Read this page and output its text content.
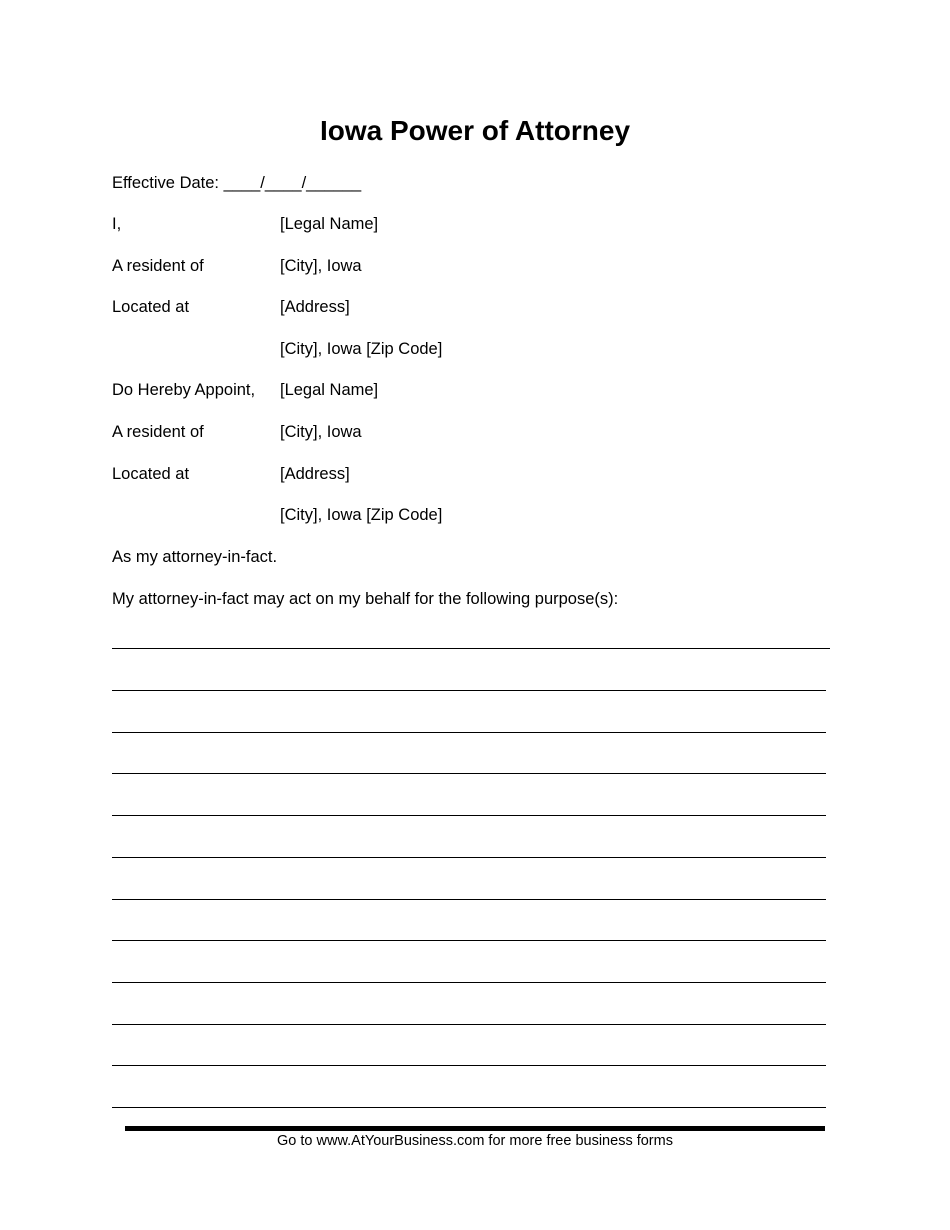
Iowa Power of Attorney
Effective Date: ____/____/______
I,	[Legal Name]
A resident of	[City], Iowa
Located at	[Address]
[City], Iowa [Zip Code]
Do Hereby Appoint, [Legal Name]
A resident of	[City], Iowa
Located at	[Address]
[City], Iowa [Zip Code]
As my attorney-in-fact.
My attorney-in-fact may act on my behalf for the following purpose(s):
Go to www.AtYourBusiness.com for more free business forms
